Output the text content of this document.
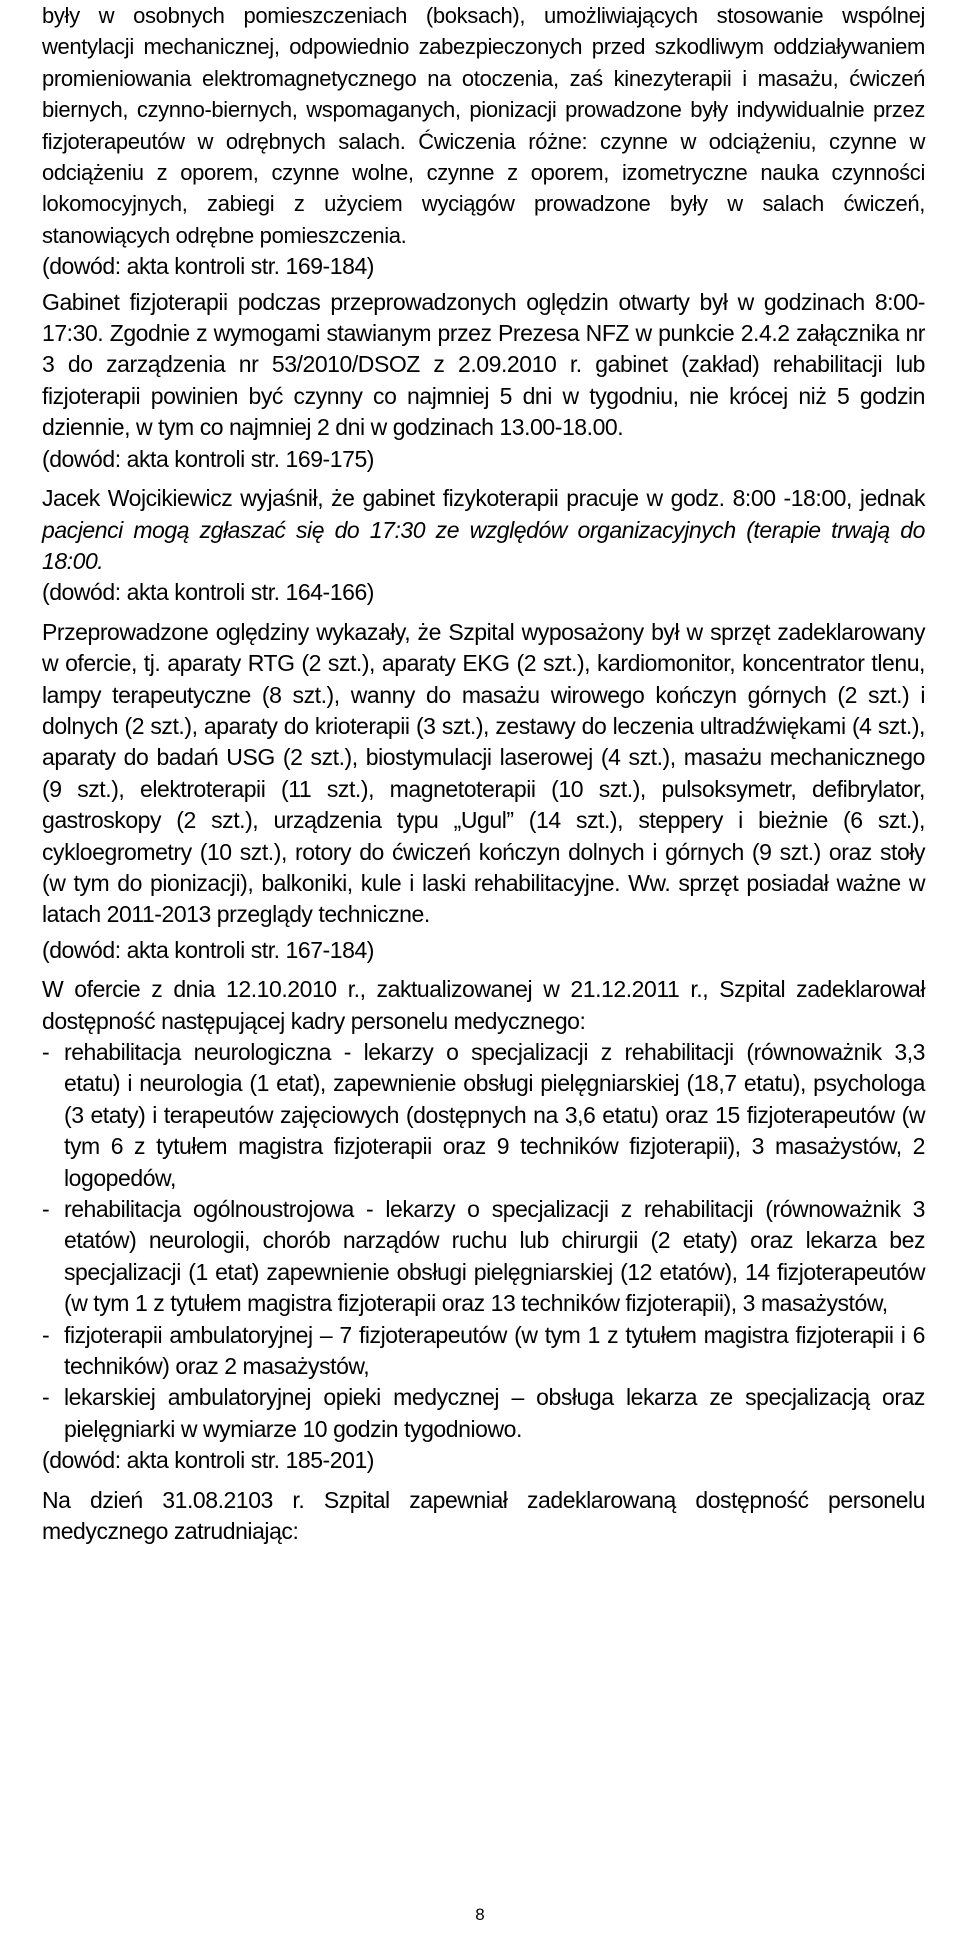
były w osobnych pomieszczeniach (boksach), umożliwiających stosowanie wspólnej wentylacji mechanicznej, odpowiednio zabezpieczonych przed szkodliwym oddziaływaniem promieniowania elektromagnetycznego na otoczenia, zaś kinezyterapii i masażu, ćwiczeń biernych, czynno-biernych, wspomaganych, pionizacji prowadzone były indywidualnie przez fizjoterapeutów w odrębnych salach. Ćwiczenia różne: czynne w odciążeniu, czynne w odciążeniu z oporem, czynne wolne, czynne z oporem, izometryczne nauka czynności lokomocyjnych, zabiegi z użyciem wyciągów prowadzone były w salach ćwiczeń, stanowiących odrębne pomieszczenia.

(dowód: akta kontroli str. 169-184)

Gabinet fizjoterapii podczas przeprowadzonych oględzin otwarty był w godzinach 8:00-17:30. Zgodnie z wymogami stawianym przez Prezesa NFZ w punkcie 2.4.2 załącznika nr 3 do zarządzenia nr 53/2010/DSOZ z 2.09.2010 r. gabinet (zakład) rehabilitacji lub fizjoterapii powinien być czynny co najmniej 5 dni w tygodniu, nie krócej niż 5 godzin dziennie, w tym co najmniej 2 dni w godzinach 13.00-18.00.

(dowód: akta kontroli str. 169-175)

Jacek Wojcikiewicz wyjaśnił, że gabinet fizykoterapii pracuje w godz. 8:00 -18:00, jednak pacjenci mogą zgłaszać się do 17:30 ze względów organizacyjnych (terapie trwają do 18:00.

(dowód: akta kontroli str. 164-166)

Przeprowadzone oględziny wykazały, że Szpital wyposażony był w sprzęt zadeklarowany w ofercie, tj. aparaty RTG (2 szt.), aparaty EKG (2 szt.), kardiomonitor, koncentrator tlenu, lampy terapeutyczne (8 szt.), wanny do masażu wirowego kończyn górnych (2 szt.) i dolnych (2 szt.), aparaty do krioterapii (3 szt.), zestawy do leczenia ultradźwiękami (4 szt.), aparaty do badań USG (2 szt.), biostymulacji laserowej (4 szt.), masażu mechanicznego (9 szt.), elektroterapii (11 szt.), magnetoterapii (10 szt.), pulsoksymetr, defibrylator, gastroskopy (2 szt.), urządzenia typu „Ugul” (14 szt.), steppery i bieżnie (6 szt.), cykloegrometry (10 szt.), rotory do ćwiczeń kończyn dolnych i górnych (9 szt.) oraz stoły (w tym do pionizacji), balkoniki, kule i laski rehabilitacyjne. Ww. sprzęt posiadał ważne w latach 2011-2013 przeglądy techniczne.

(dowód: akta kontroli str. 167-184)

W ofercie z dnia 12.10.2010 r., zaktualizowanej w 21.12.2011 r., Szpital zadeklarował dostępność następującej kadry personelu medycznego:

- rehabilitacja neurologiczna - lekarzy o specjalizacji z rehabilitacji (równoważnik 3,3 etatu) i neurologia (1 etat), zapewnienie obsługi pielęgniarskiej (18,7 etatu), psychologa (3 etaty) i terapeutów zajęciowych (dostępnych na 3,6 etatu) oraz 15 fizjoterapeutów (w tym 6 z tytułem magistra fizjoterapii oraz 9 techników fizjoterapii), 3 masażystów, 2 logopedów,
- rehabilitacja ogólnoustrojowa - lekarzy o specjalizacji z rehabilitacji (równoważnik 3 etatów) neurologii, chorób narządów ruchu lub chirurgii (2 etaty) oraz lekarza bez specjalizacji (1 etat) zapewnienie obsługi pielęgniarskiej (12 etatów), 14 fizjoterapeutów (w tym 1 z tytułem magistra fizjoterapii oraz 13 techników fizjoterapii), 3 masażystów,
- fizjoterapii ambulatoryjnej – 7 fizjoterapeutów (w tym 1 z tytułem magistra fizjoterapii i 6 techników) oraz 2 masażystów,
- lekarskiej ambulatoryjnej opieki medycznej – obsługa lekarza ze specjalizacją oraz pielęgniarki w wymiarze 10 godzin tygodniowo.

(dowód: akta kontroli str. 185-201)

Na dzień 31.08.2103 r. Szpital zapewniał zadeklarowaną dostępność personelu medycznego zatrudniając:

8
